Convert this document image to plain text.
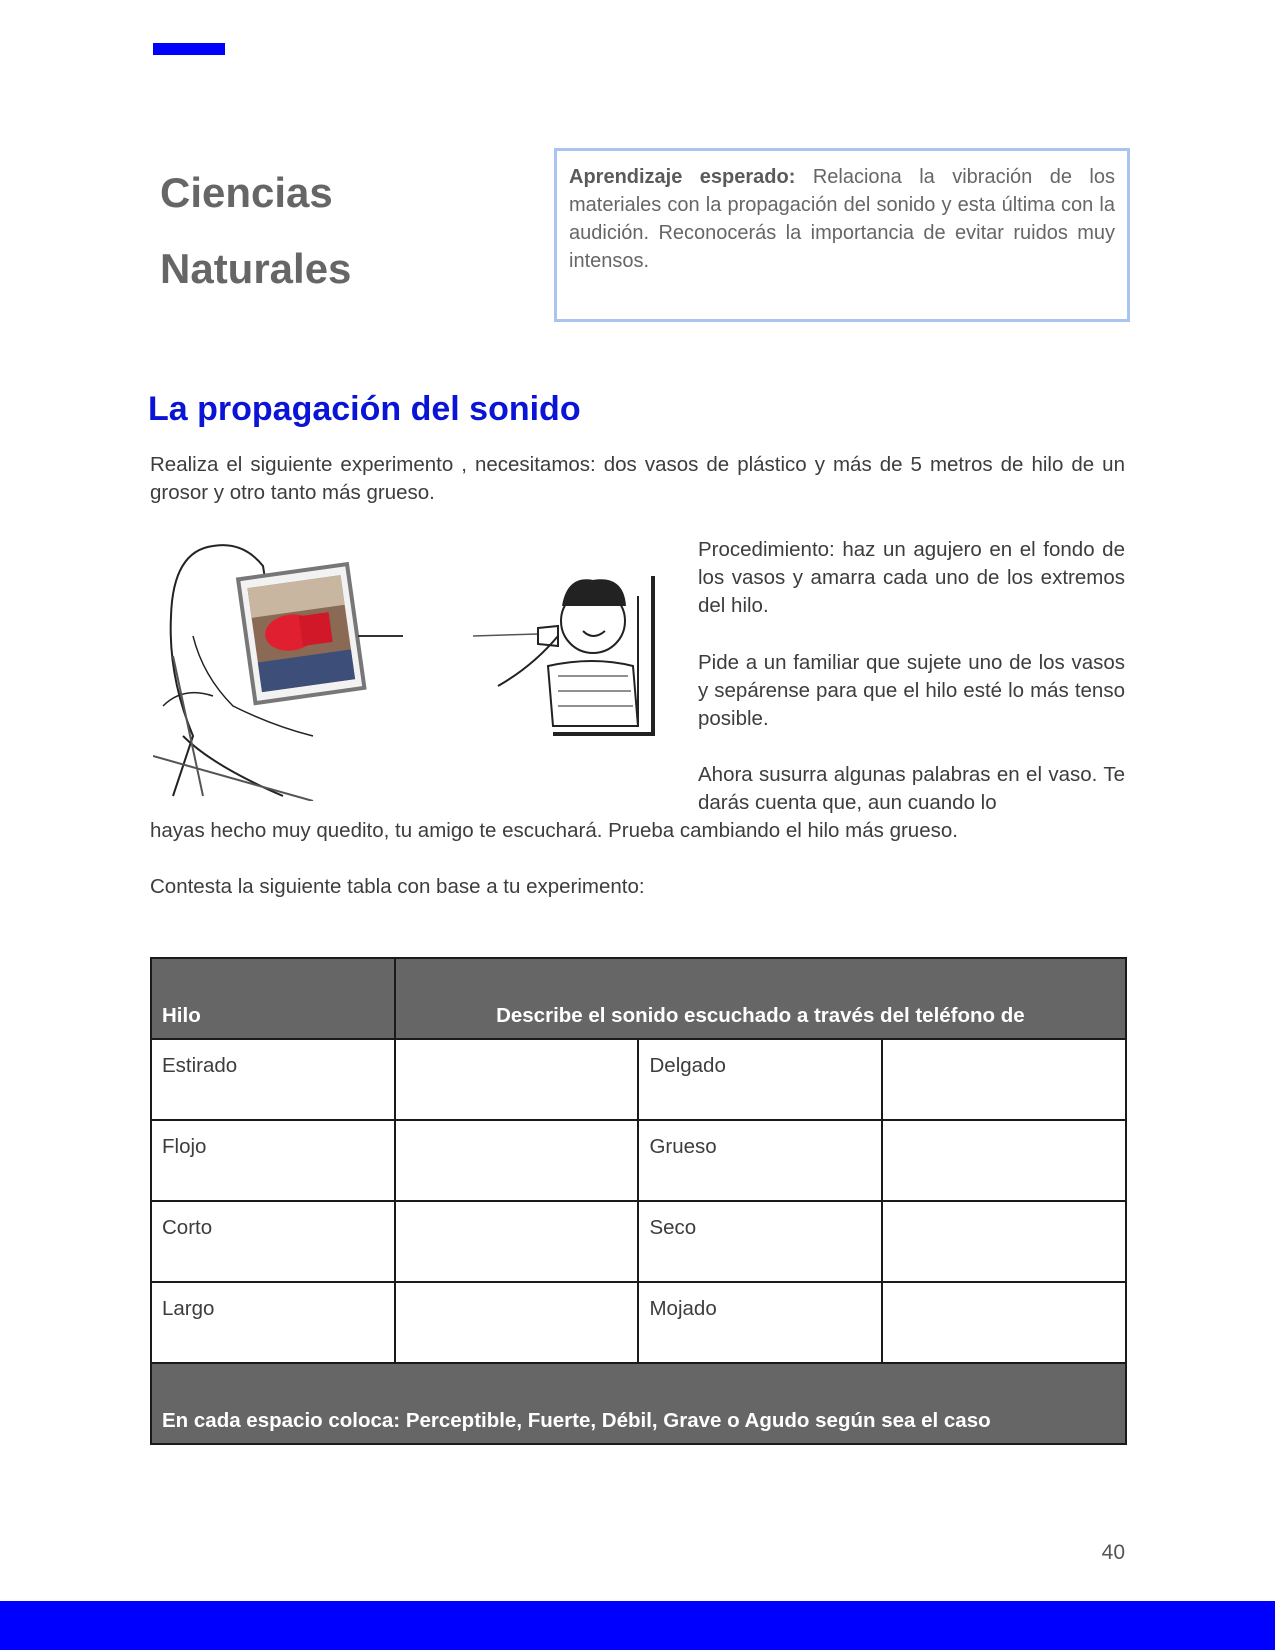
Ciencias
Naturales
Aprendizaje esperado: Relaciona la vibración de los materiales con la propagación del sonido y esta última con la audición. Reconocerás la importancia de evitar ruidos muy intensos.
La propagación del sonido
Realiza el siguiente experimento , necesitamos: dos vasos de plástico y más de 5 metros de hilo de un grosor y otro tanto más grueso.
Procedimiento: haz un agujero en el fondo de los vasos y amarra cada uno de los extremos del hilo.
Pide a un familiar que sujete uno de los vasos y sepárense para que el hilo esté lo más tenso posible.
Ahora susurra algunas palabras en el vaso. Te darás cuenta que, aun cuando lo
hayas hecho muy quedito, tu amigo te escuchará. Prueba cambiando el hilo más grueso.
Contesta la siguiente tabla con base a tu experimento:
Hilo	Describe el sonido escuchado a través del teléfono de		
Estirado		Delgado	
Flojo		Grueso	
Corto		Seco	
Largo		Mojado	
En cada espacio coloca: Perceptible, Fuerte, Débil, Grave o Agudo según sea el caso			
40
